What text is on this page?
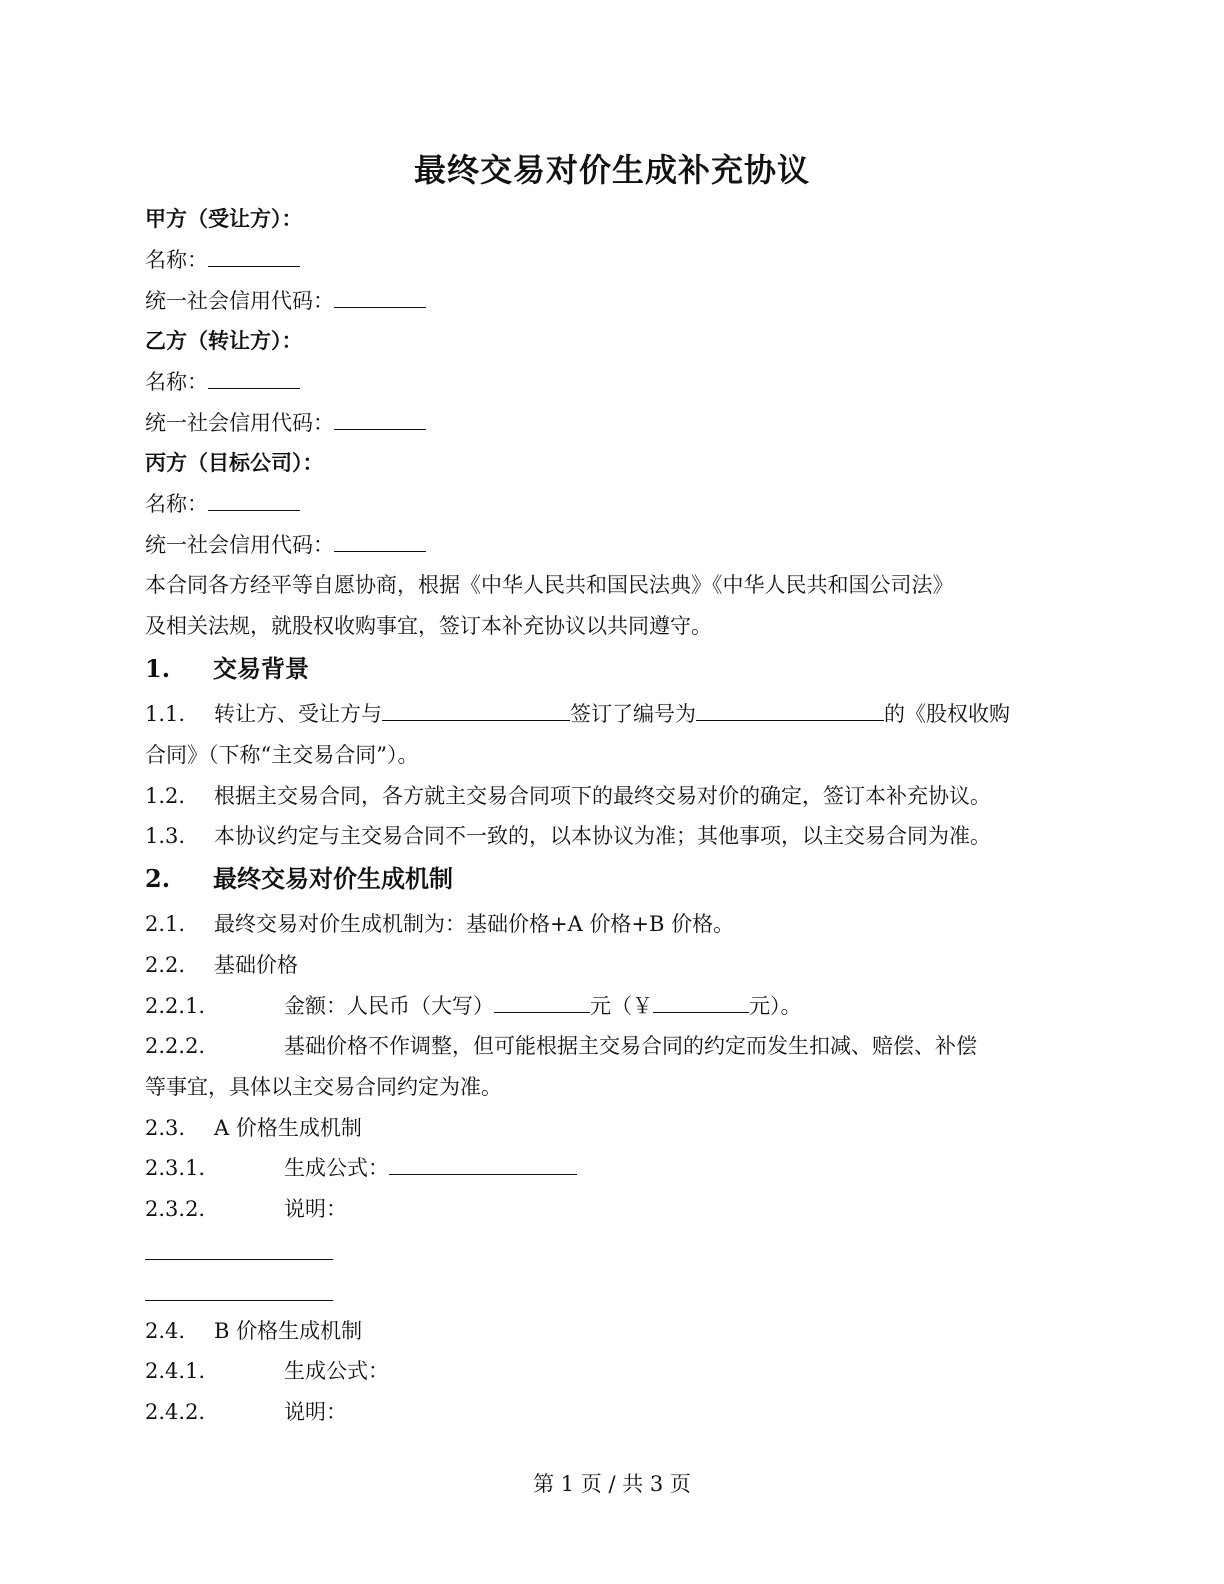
最终交易对价生成补充协议
甲方（受让方）：
名称：
统一社会信用代码：
乙方（转让方）：
名称：
统一社会信用代码：
丙方（目标公司）：
名称：
统一社会信用代码：
本合同各方经平等自愿协商，根据《中华人民共和国民法典》《中华人民共和国公司法》
及相关法规，就股权收购事宜，签订本补充协议以共同遵守。
1. 交易背景
1.1. 转让方、受让方与	签订了编号为	的《股权收购
合同》（下称“主交易合同”）。
1.2. 根据主交易合同，各方就主交易合同项下的最终交易对价的确定，签订本补充协议。
1.3. 本协议约定与主交易合同不一致的，以本协议为准；其他事项，以主交易合同为准。
2. 最终交易对价生成机制
2.1. 最终交易对价生成机制为：基础价格+A 价格+B 价格。
2.2. 基础价格
2.2.1.	金额：人民币（大写）	元（￥	元）。
2.2.2.	基础价格不作调整，但可能根据主交易合同的约定而发生扣减、赔偿、补偿
等事宜，具体以主交易合同约定为准。
2.3. A 价格生成机制
2.3.1.	生成公式：
2.3.2.	说明：
2.4. B 价格生成机制
2.4.1.	生成公式：
2.4.2.	说明：
第 1 页 / 共 3 页
